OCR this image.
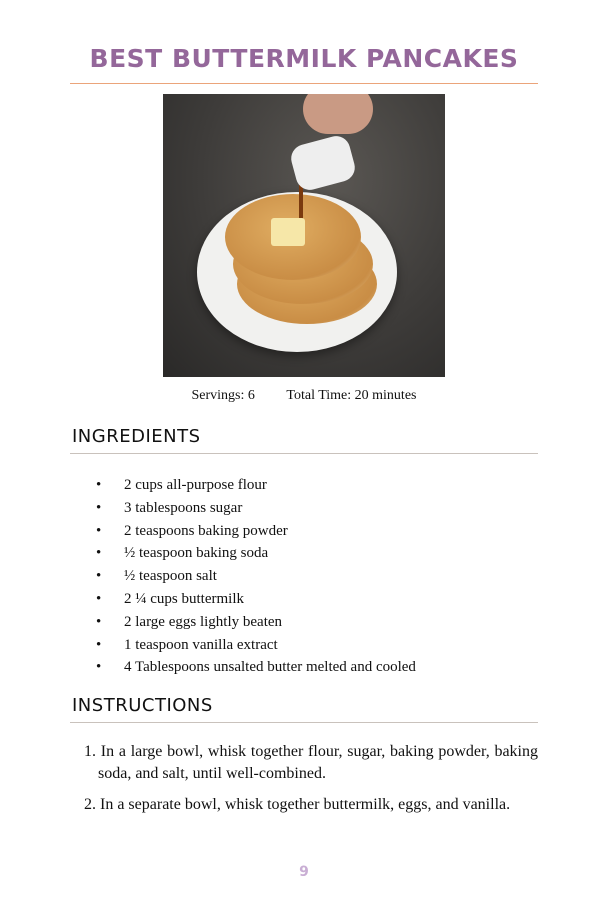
BEST BUTTERMILK PANCAKES
Servings: 6 Total Time: 20 minutes
INGREDIENTS
• 2 cups all-purpose flour
• 3 tablespoons sugar
• 2 teaspoons baking powder
• ½ teaspoon baking soda
• ½ teaspoon salt
• 2 ¼ cups buttermilk
• 2 large eggs lightly beaten
• 1 teaspoon vanilla extract
• 4 Tablespoons unsalted butter melted and cooled
INSTRUCTIONS
1. In a large bowl, whisk together flour, sugar, baking powder, baking soda, and salt, until well-combined.
2. In a separate bowl, whisk together buttermilk, eggs, and vanilla.
9
